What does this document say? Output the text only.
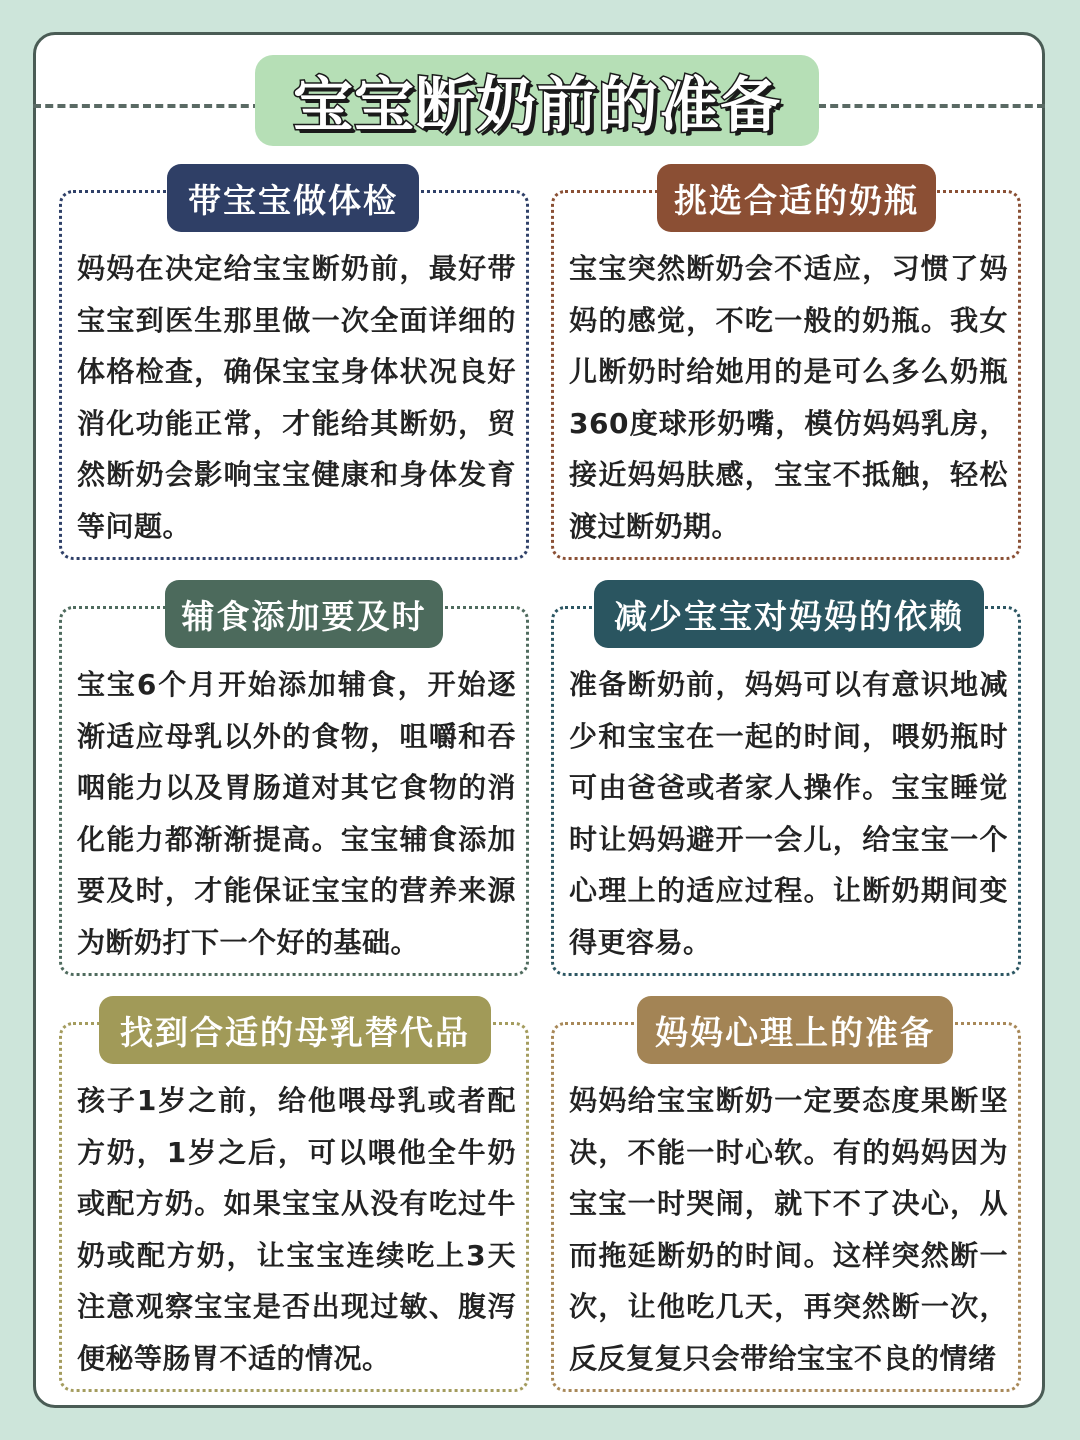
宝宝断奶前的准备
妈妈在决定给宝宝断奶前，最好带宝宝到医生那里做一次全面详细的体格检查，确保宝宝身体状况良好消化功能正常，才能给其断奶，贸然断奶会影响宝宝健康和身体发育等问题。
带宝宝做体检
宝宝突然断奶会不适应，习惯了妈妈的感觉，不吃一般的奶瓶。我女儿断奶时给她用的是可么多么奶瓶360度球形奶嘴，模仿妈妈乳房，接近妈妈肤感，宝宝不抵触，轻松渡过断奶期。
挑选合适的奶瓶
宝宝6个月开始添加辅食，开始逐渐适应母乳以外的食物，咀嚼和吞咽能力以及胃肠道对其它食物的消化能力都渐渐提高。宝宝辅食添加要及时，才能保证宝宝的营养来源为断奶打下一个好的基础。
辅食添加要及时
准备断奶前，妈妈可以有意识地减少和宝宝在一起的时间，喂奶瓶时可由爸爸或者家人操作。宝宝睡觉时让妈妈避开一会儿，给宝宝一个心理上的适应过程。让断奶期间变得更容易。
减少宝宝对妈妈的依赖
孩子1岁之前，给他喂母乳或者配方奶，1岁之后，可以喂他全牛奶或配方奶。如果宝宝从没有吃过牛奶或配方奶，让宝宝连续吃上3天注意观察宝宝是否出现过敏、腹泻便秘等肠胃不适的情况。
找到合适的母乳替代品
妈妈给宝宝断奶一定要态度果断坚决，不能一时心软。有的妈妈因为宝宝一时哭闹，就下不了决心，从而拖延断奶的时间。这样突然断一次，让他吃几天，再突然断一次，反反复复只会带给宝宝不良的情绪
妈妈心理上的准备
